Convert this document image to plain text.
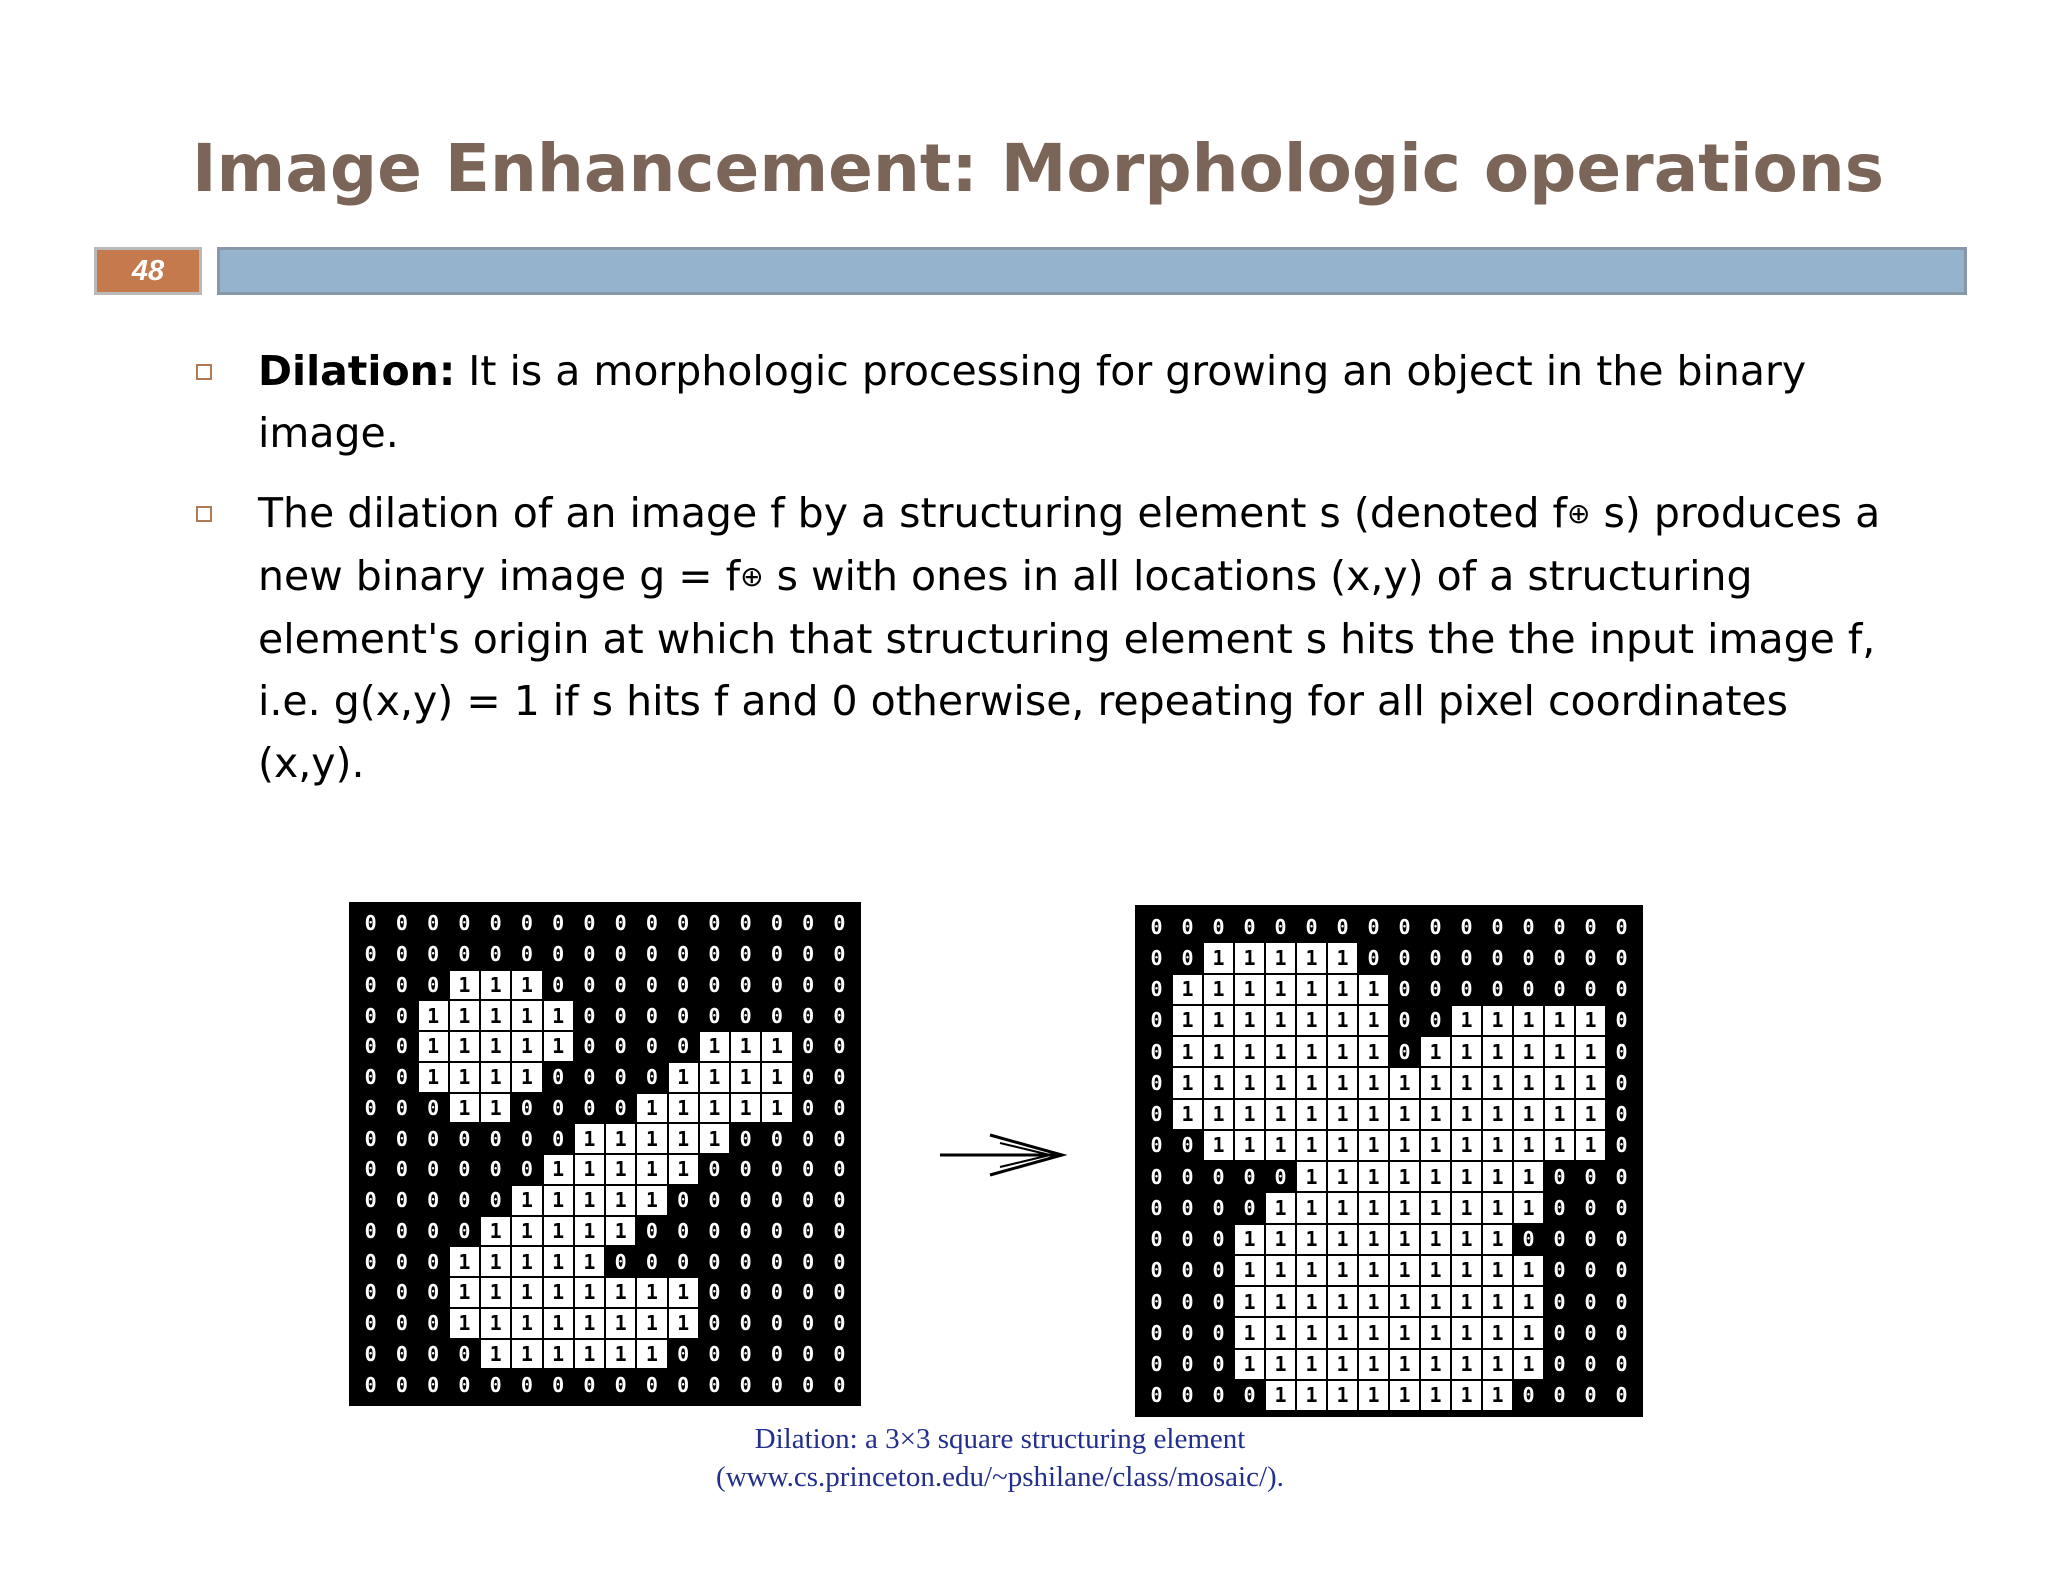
Image Enhancement: Morphologic operations
48
Dilation: It is a morphologic processing for growing an object in the binary image.
The dilation of an image f by a structuring element s (denoted f⊕ s) produces a new binary image g = f⊕ s with ones in all locations (x,y) of a structuring element's origin at which that structuring element s hits the the input image f, i.e. g(x,y) = 1 if s hits f and 0 otherwise, repeating for all pixel coordinates (x,y).
0 0 0 0 0 0 0 0 0 0 0 0 0 0 0 0
0 0 0 0 0 0 0 0 0 0 0 0 0 0 0 0
0 0 0 1 1 1 0 0 0 0 0 0 0 0 0 0
0 0 1 1 1 1 1 0 0 0 0 0 0 0 0 0
0 0 1 1 1 1 1 0 0 0 0 1 1 1 0 0
0 0 1 1 1 1 0 0 0 0 1 1 1 1 0 0
0 0 0 1 1 0 0 0 0 1 1 1 1 1 0 0
0 0 0 0 0 0 0 1 1 1 1 1 0 0 0 0
0 0 0 0 0 0 1 1 1 1 1 0 0 0 0 0
0 0 0 0 0 1 1 1 1 1 0 0 0 0 0 0
0 0 0 0 1 1 1 1 1 0 0 0 0 0 0 0
0 0 0 1 1 1 1 1 0 0 0 0 0 0 0 0
0 0 0 1 1 1 1 1 1 1 1 0 0 0 0 0
0 0 0 1 1 1 1 1 1 1 1 0 0 0 0 0
0 0 0 0 1 1 1 1 1 1 0 0 0 0 0 0
0 0 0 0 0 0 0 0 0 0 0 0 0 0 0 0
0 0 0 0 0 0 0 0 0 0 0 0 0 0 0 0
0 0 1 1 1 1 1 0 0 0 0 0 0 0 0 0
0 1 1 1 1 1 1 1 0 0 0 0 0 0 0 0
0 1 1 1 1 1 1 1 0 0 1 1 1 1 1 0
0 1 1 1 1 1 1 1 0 1 1 1 1 1 1 0
0 1 1 1 1 1 1 1 1 1 1 1 1 1 1 0
0 1 1 1 1 1 1 1 1 1 1 1 1 1 1 0
0 0 1 1 1 1 1 1 1 1 1 1 1 1 1 0
0 0 0 0 0 1 1 1 1 1 1 1 1 0 0 0
0 0 0 0 1 1 1 1 1 1 1 1 1 0 0 0
0 0 0 1 1 1 1 1 1 1 1 1 0 0 0 0
0 0 0 1 1 1 1 1 1 1 1 1 1 0 0 0
0 0 0 1 1 1 1 1 1 1 1 1 1 0 0 0
0 0 0 1 1 1 1 1 1 1 1 1 1 0 0 0
0 0 0 1 1 1 1 1 1 1 1 1 1 0 0 0
0 0 0 0 1 1 1 1 1 1 1 1 0 0 0 0
Dilation: a 3×3 square structuring element
(www.cs.princeton.edu/~pshilane/class/mosaic/).
